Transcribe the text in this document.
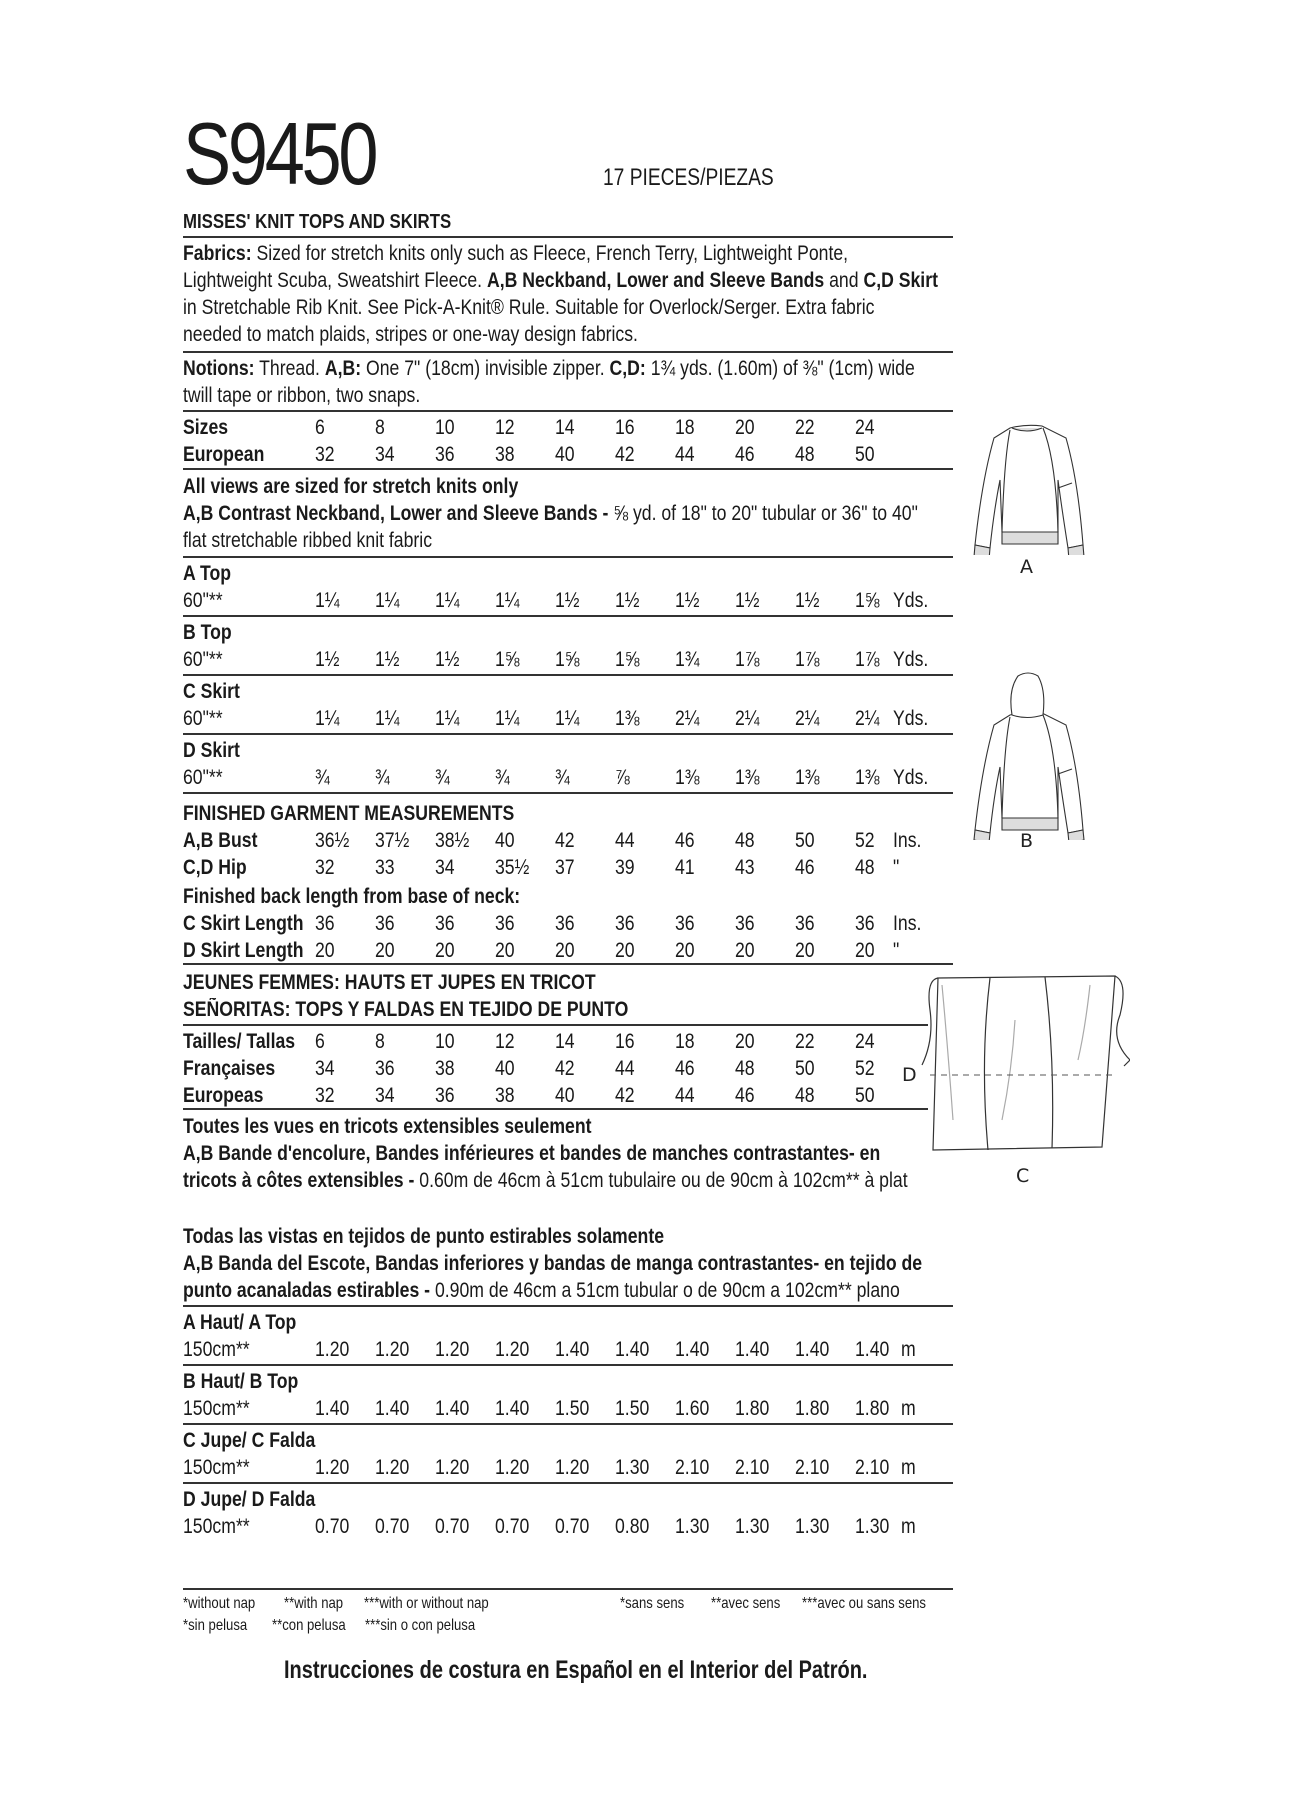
S9450	17 PIECES/PIEZAS
MISSES' KNIT TOPS AND SKIRTS
Fabrics: Sized for stretch knits only such as Fleece, French Terry, Lightweight Ponte,
Lightweight Scuba, Sweatshirt Fleece. A,B Neckband, Lower and Sleeve Bands and C,D Skirt
in Stretchable Rib Knit. See Pick-A-Knit® Rule. Suitable for Overlock/Serger. Extra fabric
needed to match plaids, stripes or one-way design fabrics.
Notions: Thread. A,B: One 7" (18cm) invisible zipper. C,D: 1¾ yds. (1.60m) of ⅜" (1cm) wide
twill tape or ribbon, two snaps.
Sizes	6 8 10 12 14 16 18 20 22 24
European 32 34 36 38 40 42 44 46 48 50
All views are sized for stretch knits only
A,B Contrast Neckband, Lower and Sleeve Bands - ⅝ yd. of 18" to 20" tubular or 36" to 40"
flat stretchable ribbed knit fabric
A Top
60"**	1¼ 1¼ 1¼ 1¼ 1½ 1½ 1½ 1½ 1½ 1⅝ Yds.
B Top
60"**	1½ 1½ 1½ 1⅝ 1⅝ 1⅝ 1¾ 1⅞ 1⅞ 1⅞ Yds.
C Skirt
60"**	1¼ 1¼ 1¼ 1¼ 1¼ 1⅜ 2¼ 2¼ 2¼ 2¼ Yds.
D Skirt
60"**	¾ ¾ ¾ ¾ ¾ ⅞ 1⅜ 1⅜ 1⅜ 1⅜ Yds.
FINISHED GARMENT MEASUREMENTS
A,B Bust	36½ 37½ 38½ 40 42 44 46 48 50 52 Ins.
C,D Hip	32 33 34 35½ 37 39 41 43 46 48 "
Finished back length from base of neck:
C Skirt Length 36 36 36 36 36 36 36 36 36 36 Ins.
D Skirt Length 20 20 20 20 20 20 20 20 20 20 "
JEUNES FEMMES: HAUTS ET JUPES EN TRICOT
SEÑORITAS: TOPS Y FALDAS EN TEJIDO DE PUNTO
Tailles/ Tallas 6 8 10 12 14 16 18 20 22 24
Françaises 34 36 38 40 42 44 46 48 50 52
Europeas 32 34 36 38 40 42 44 46 48 50
Toutes les vues en tricots extensibles seulement
A,B Bande d'encolure, Bandes inférieures et bandes de manches contrastantes- en
tricots à côtes extensibles - 0.60m de 46cm à 51cm tubulaire ou de 90cm à 102cm** à plat
Todas las vistas en tejidos de punto estirables solamente
A,B Banda del Escote, Bandas inferiores y bandas de manga contrastantes- en tejido de
punto acanaladas estirables - 0.90m de 46cm a 51cm tubular o de 90cm a 102cm** plano
A Haut/ A Top
150cm**	1.20 1.20 1.20 1.20 1.40 1.40 1.40 1.40 1.40 1.40 m
B Haut/ B Top
150cm**	1.40 1.40 1.40 1.40 1.50 1.50 1.60 1.80 1.80 1.80 m
C Jupe/ C Falda
150cm**	1.20 1.20 1.20 1.20 1.20 1.30 2.10 2.10 2.10 2.10 m
D Jupe/ D Falda
150cm**	0.70 0.70 0.70 0.70 0.70 0.80 1.30 1.30 1.30 1.30 m
*without nap **with nap ***with or without nap	*sans sens **avec sens ***avec ou sans sens
*sin pelusa **con pelusa ***sin o con pelusa
Instrucciones de costura en Español en el Interior del Patrón.
A
B
D
C
